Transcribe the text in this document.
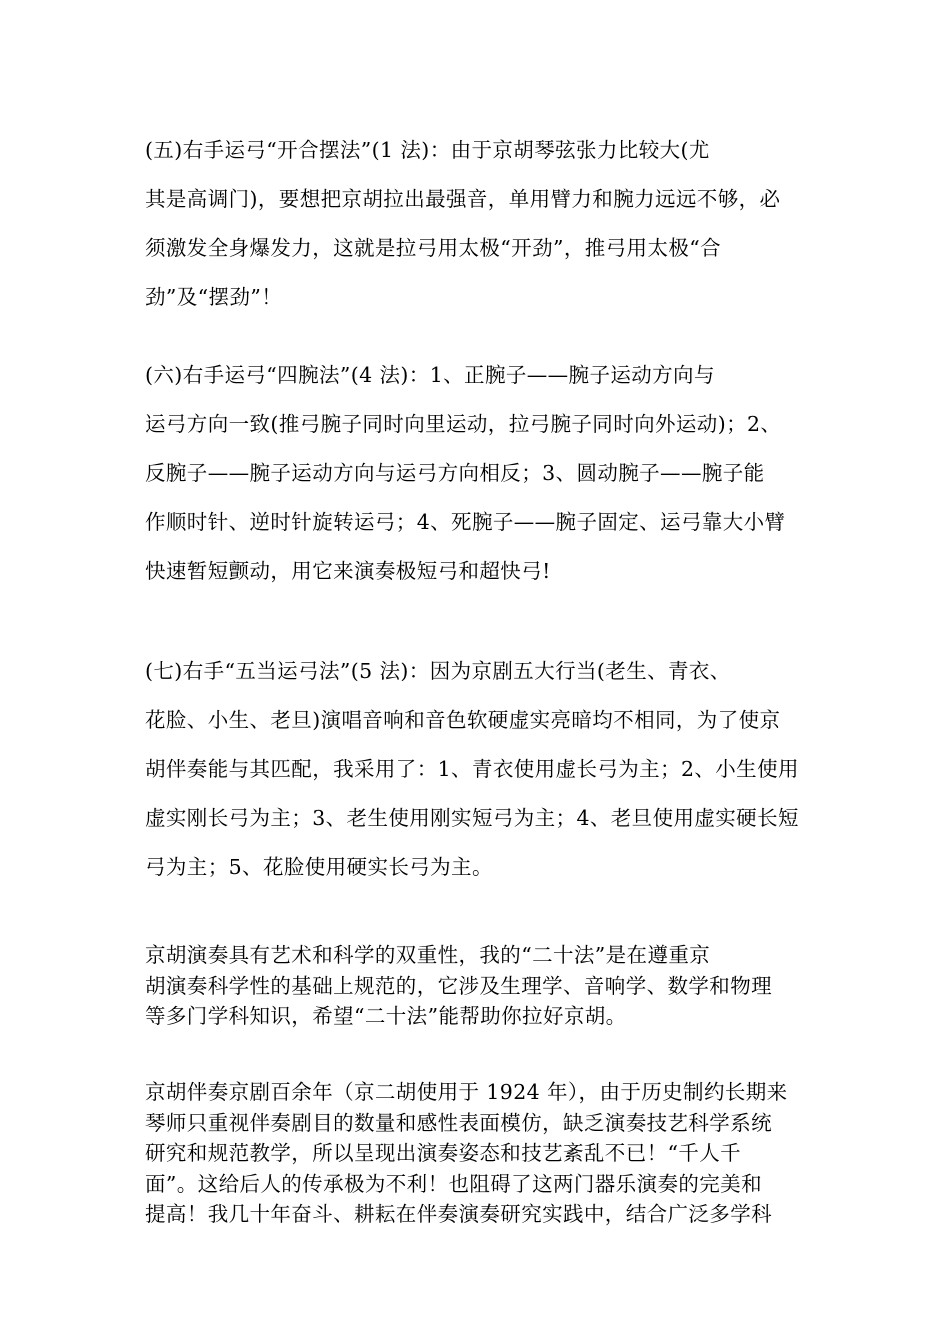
(五)右手运弓“开合摆法”(1 法)：由于京胡琴弦张力比较大(尤
其是高调门)，要想把京胡拉出最强音，单用臂力和腕力远远不够，必
须激发全身爆发力，这就是拉弓用太极“开劲”，推弓用太极“合
劲”及“摆劲”！
(六)右手运弓“四腕法”(4 法)：1、正腕子——腕子运动方向与
运弓方向一致(推弓腕子同时向里运动，拉弓腕子同时向外运动)；2、
反腕子——腕子运动方向与运弓方向相反；3、圆动腕子——腕子能
作顺时针、逆时针旋转运弓；4、死腕子——腕子固定、运弓靠大小臂
快速暂短颤动，用它来演奏极短弓和超快弓!
(七)右手“五当运弓法”(5 法)：因为京剧五大行当(老生、青衣、
花脸、小生、老旦)演唱音响和音色软硬虚实亮暗均不相同，为了使京
胡伴奏能与其匹配，我采用了：1、青衣使用虚长弓为主；2、小生使用
虚实刚长弓为主；3、老生使用刚实短弓为主；4、老旦使用虚实硬长短
弓为主；5、花脸使用硬实长弓为主。
京胡演奏具有艺术和科学的双重性，我的“二十法”是在遵重京
胡演奏科学性的基础上规范的，它涉及生理学、音响学、数学和物理
等多门学科知识，希望“二十法”能帮助你拉好京胡。
京胡伴奏京剧百余年（京二胡使用于 1924 年），由于历史制约长期来
琴师只重视伴奏剧目的数量和感性表面模仿，缺乏演奏技艺科学系统
研究和规范教学，所以呈现出演奏姿态和技艺紊乱不已！“千人千
面”。这给后人的传承极为不利！也阻碍了这两门器乐演奏的完美和
提高！我几十年奋斗、耕耘在伴奏演奏研究实践中，结合广泛多学科
